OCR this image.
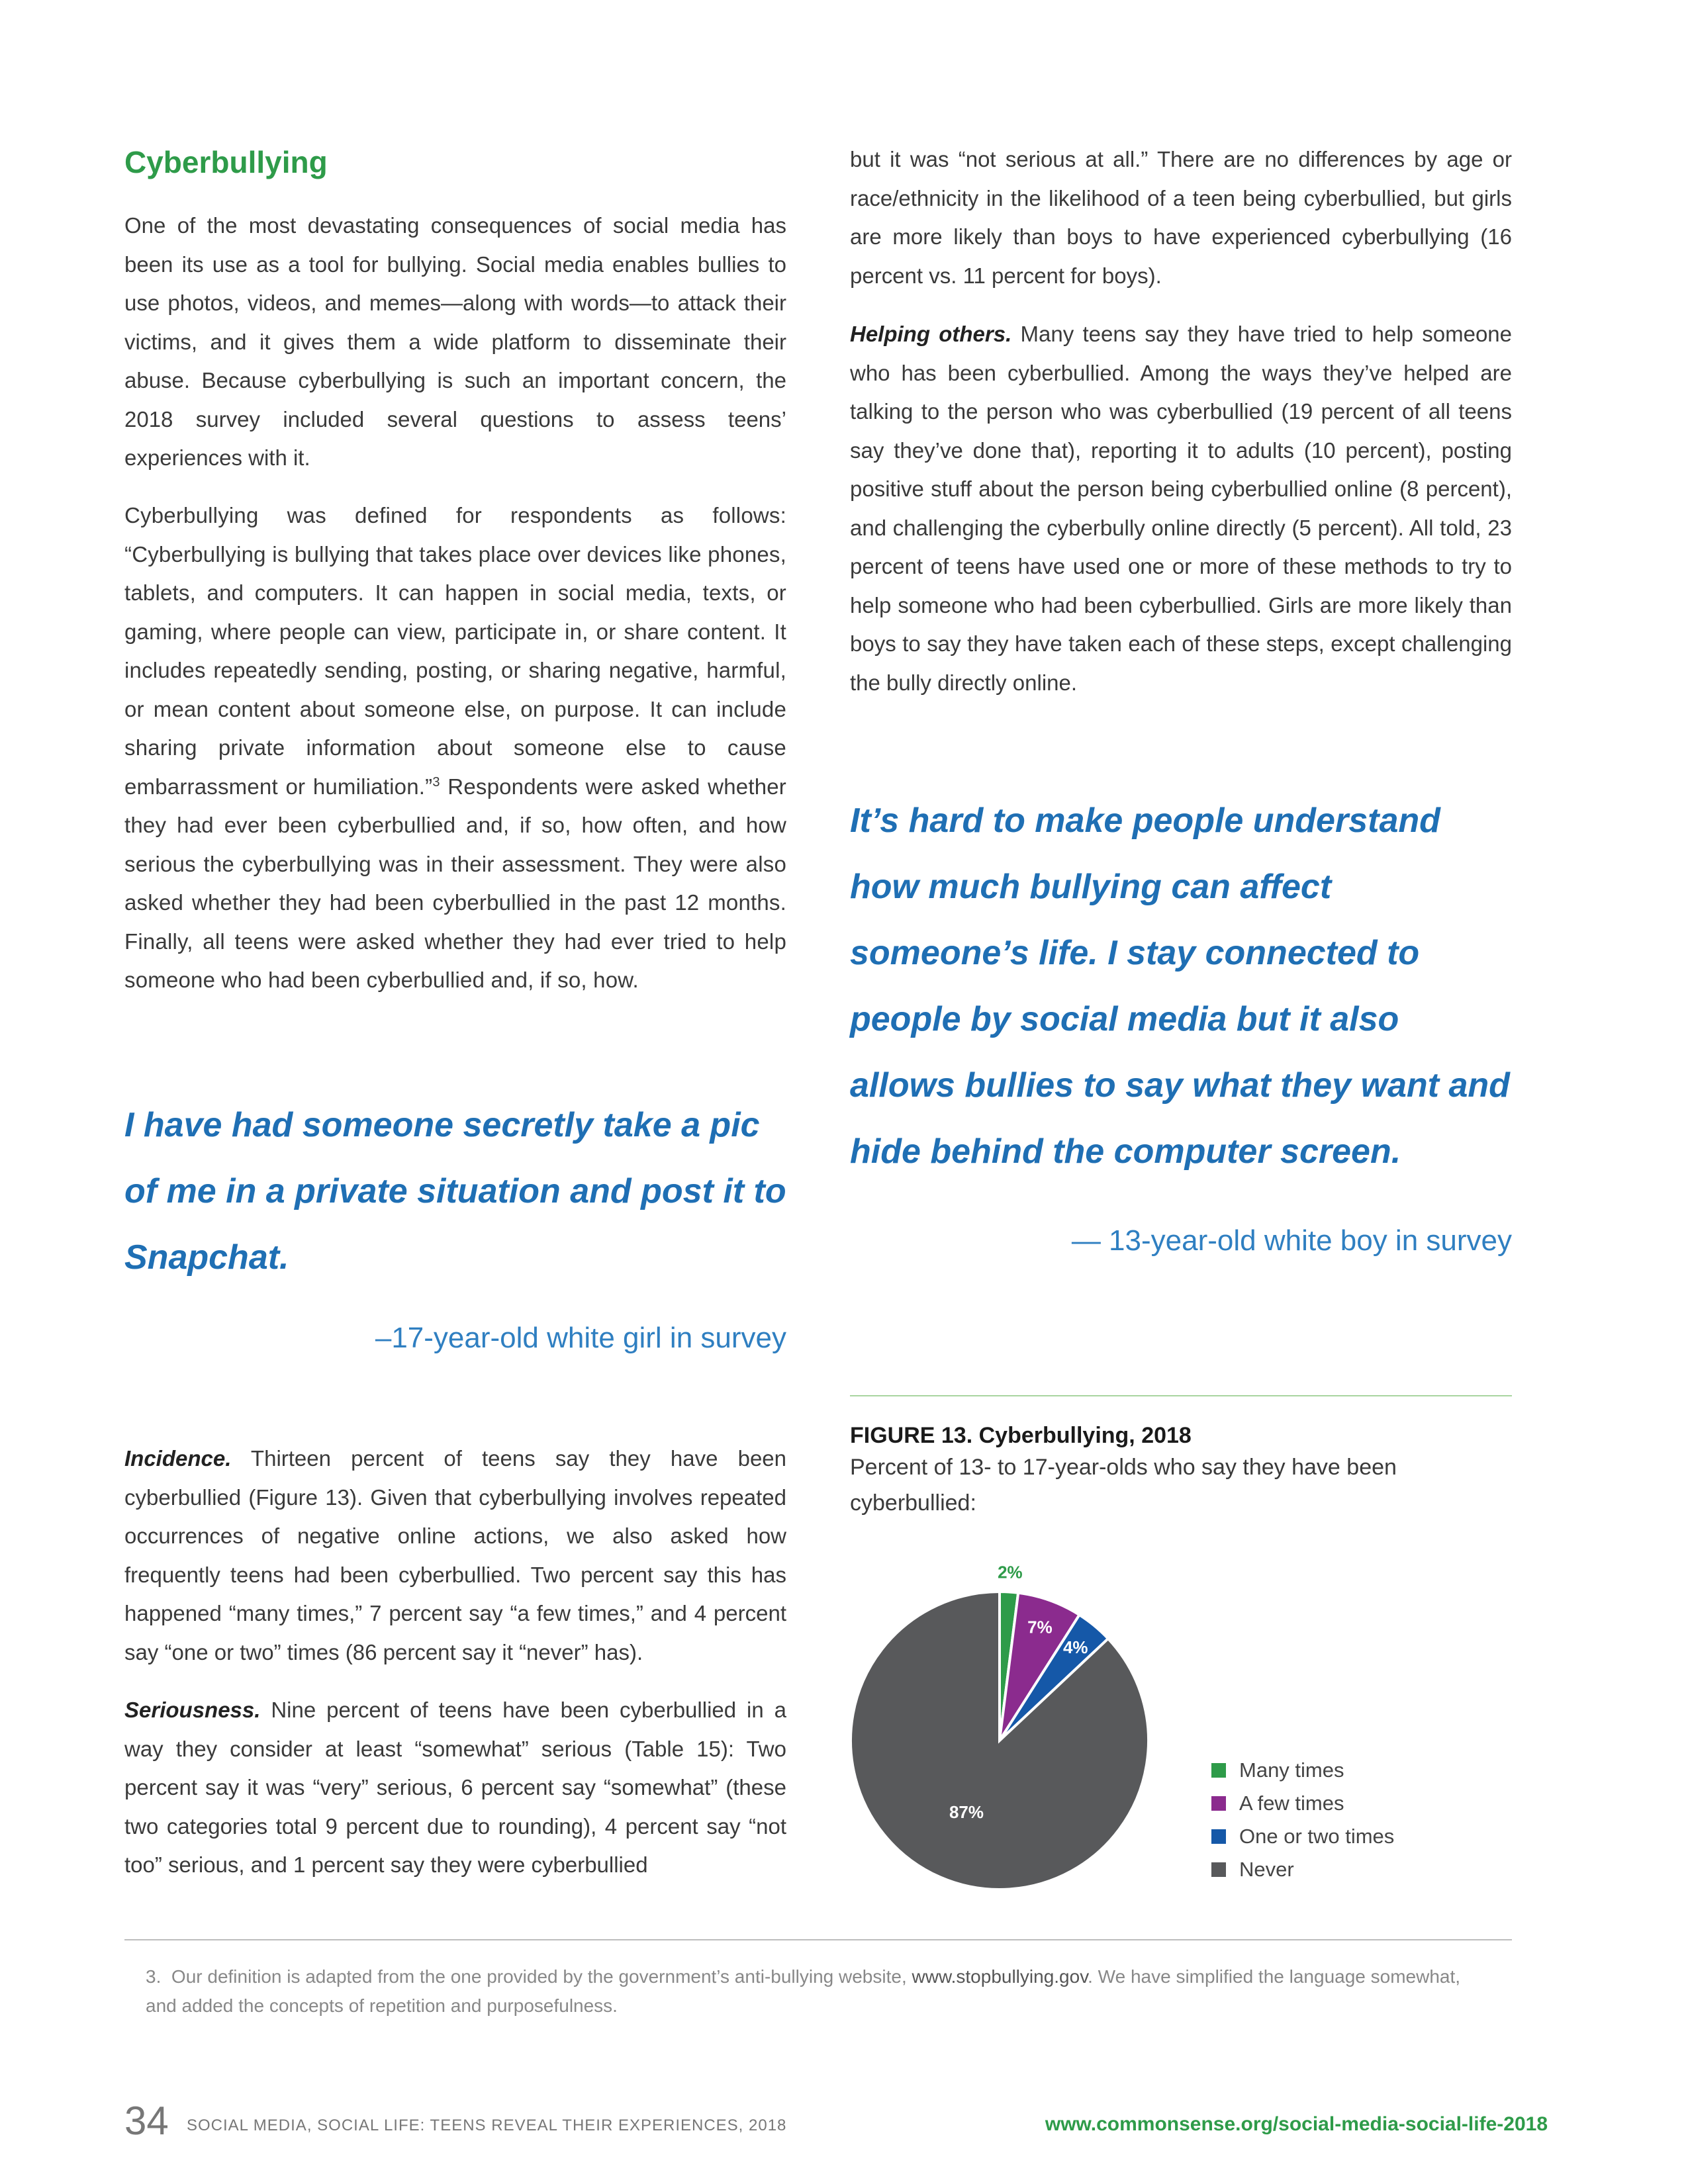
Cyberbullying

One of the most devastating consequences of social media has been its use as a tool for bullying. Social media enables bullies to use photos, videos, and memes—along with words—to attack their victims, and it gives them a wide platform to disseminate their abuse. Because cyberbullying is such an important concern, the 2018 survey included several questions to assess teens’ experiences with it.

Cyberbullying was defined for respondents as follows: “Cyberbullying is bullying that takes place over devices like phones, tablets, and computers. It can happen in social media, texts, or gaming, where people can view, participate in, or share content. It includes repeatedly sending, posting, or sharing negative, harmful, or mean content about someone else, on purpose. It can include sharing private information about someone else to cause embarrassment or humiliation.”$^3$ Respondents were asked whether they had ever been cyberbullied and, if so, how often, and how serious the cyberbullying was in their assessment. They were also asked whether they had been cyberbullied in the past 12 months. Finally, all teens were asked whether they had ever tried to help someone who had been cyberbullied and, if so, how.

I have had someone secretly take a pic of me in a private situation and post it to Snapchat.

–17-year-old white girl in survey

Incidence. Thirteen percent of teens say they have been cyberbullied (Figure 13). Given that cyberbullying involves repeated occurrences of negative online actions, we also asked how frequently teens had been cyberbullied. Two percent say this has happened “many times,” 7 percent say “a few times,” and 4 percent say “one or two” times (86 percent say it “never” has).

Seriousness. Nine percent of teens have been cyberbullied in a way they consider at least “somewhat” serious (Table 15): Two percent say it was “very” serious, 6 percent say “somewhat” (these two categories total 9 percent due to rounding), 4 percent say “not too” serious, and 1 percent say they were cyberbullied

but it was “not serious at all.” There are no differences by age or race/ethnicity in the likelihood of a teen being cyberbullied, but girls are more likely than boys to have experienced cyberbullying (16 percent vs. 11 percent for boys).

Helping others. Many teens say they have tried to help someone who has been cyberbullied. Among the ways they’ve helped are talking to the person who was cyberbullied (19 percent of all teens say they’ve done that), reporting it to adults (10 percent), posting positive stuff about the person being cyberbullied online (8 percent), and challenging the cyberbully online directly (5 percent). All told, 23 percent of teens have used one or more of these methods to try to help someone who had been cyberbullied. Girls are more likely than boys to say they have taken each of these steps, except challenging the bully directly online.

It’s hard to make people understand how much bullying can affect someone’s life. I stay connected to people by social media but it also allows bullies to say what they want and hide behind the computer screen.

— 13-year-old white boy in survey

FIGURE 13. Cyberbullying, 2018

Percent of 13- to 17-year-olds who say they have been cyberbullied:

2%
7%
4%
87%
Many times
A few times
One or two times
Never
3. Our definition is adapted from the one provided by the government’s anti-bullying website, www.stopbullying.gov. We have simplified the language somewhat, and added the concepts of repetition and purposefulness.
34 SOCIAL MEDIA, SOCIAL LIFE: TEENS REVEAL THEIR EXPERIENCES, 2018	www.commonsense.org/social-media-social-life-2018
